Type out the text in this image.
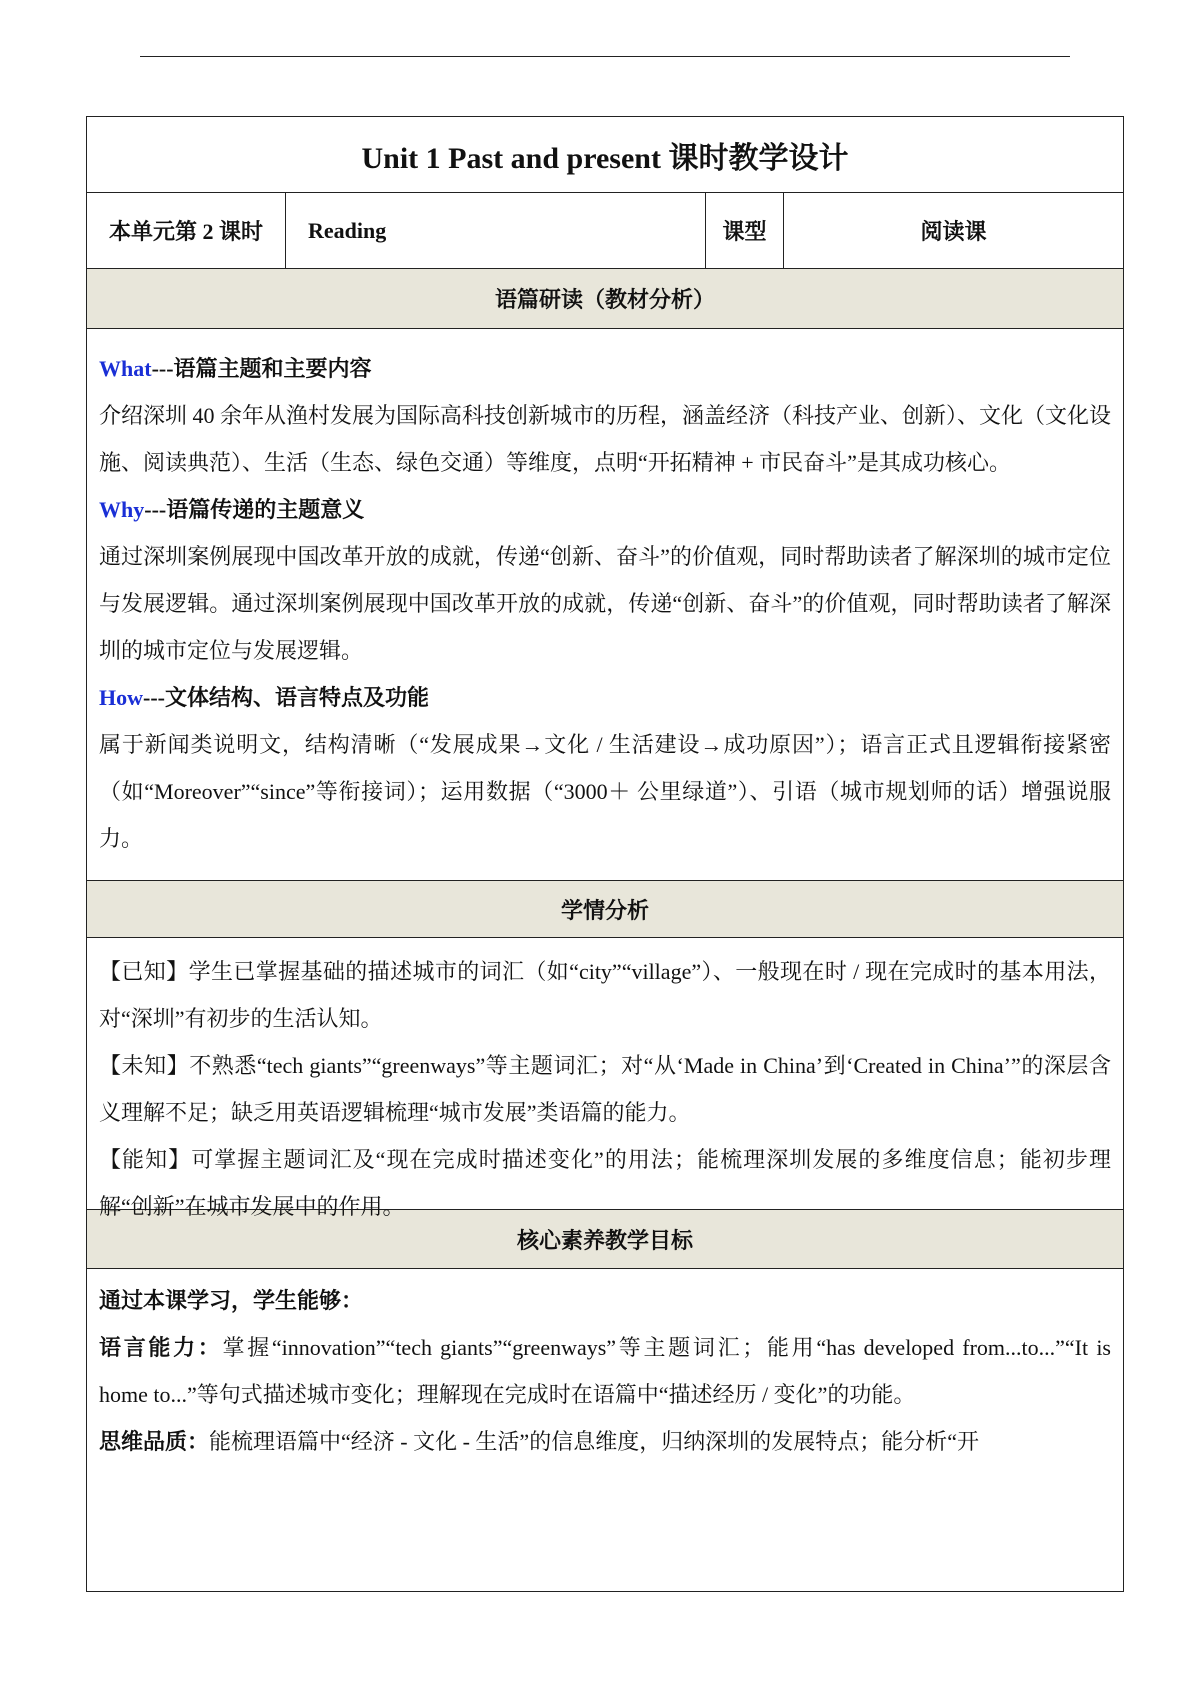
Unit 1 Past and present 课时教学设计
本单元第 2 课时	Reading	课型	阅读课
语篇研读（教材分析）

What---语篇主题和主要内容

介绍深圳 40 余年从渔村发展为国际高科技创新城市的历程，涵盖经济（科技产业、创新）、文化（文化设施、阅读典范）、生活（生态、绿色交通）等维度，点明“开拓精神 + 市民奋斗”是其成功核心。

Why---语篇传递的主题意义

通过深圳案例展现中国改革开放的成就，传递“创新、奋斗”的价值观，同时帮助读者了解深圳的城市定位与发展逻辑。通过深圳案例展现中国改革开放的成就，传递“创新、奋斗”的价值观，同时帮助读者了解深圳的城市定位与发展逻辑。

How---文体结构、语言特点及功能

属于新闻类说明文，结构清晰（“发展成果→文化 / 生活建设→成功原因”）；语言正式且逻辑衔接紧密（如“Moreover”“since”等衔接词）；运用数据（“3000＋ 公里绿道”）、引语（城市规划师的话）增强说服力。

学情分析

【已知】学生已掌握基础的描述城市的词汇（如“city”“village”）、一般现在时 / 现在完成时的基本用法，对“深圳”有初步的生活认知。

【未知】不熟悉“tech giants”“greenways”等主题词汇；对“从‘Made in China’到‘Created in China’”的深层含义理解不足；缺乏用英语逻辑梳理“城市发展”类语篇的能力。

【能知】可掌握主题词汇及“现在完成时描述变化”的用法；能梳理深圳发展的多维度信息；能初步理解“创新”在城市发展中的作用。

核心素养教学目标

通过本课学习，学生能够：

语言能力：掌握“innovation”“tech giants”“greenways”等主题词汇；能用“has developed from...to...”“It is home to...”等句式描述城市变化；理解现在完成时在语篇中“描述经历 / 变化”的功能。

思维品质：能梳理语篇中“经济 - 文化 - 生活”的信息维度，归纳深圳的发展特点；能分析“开
